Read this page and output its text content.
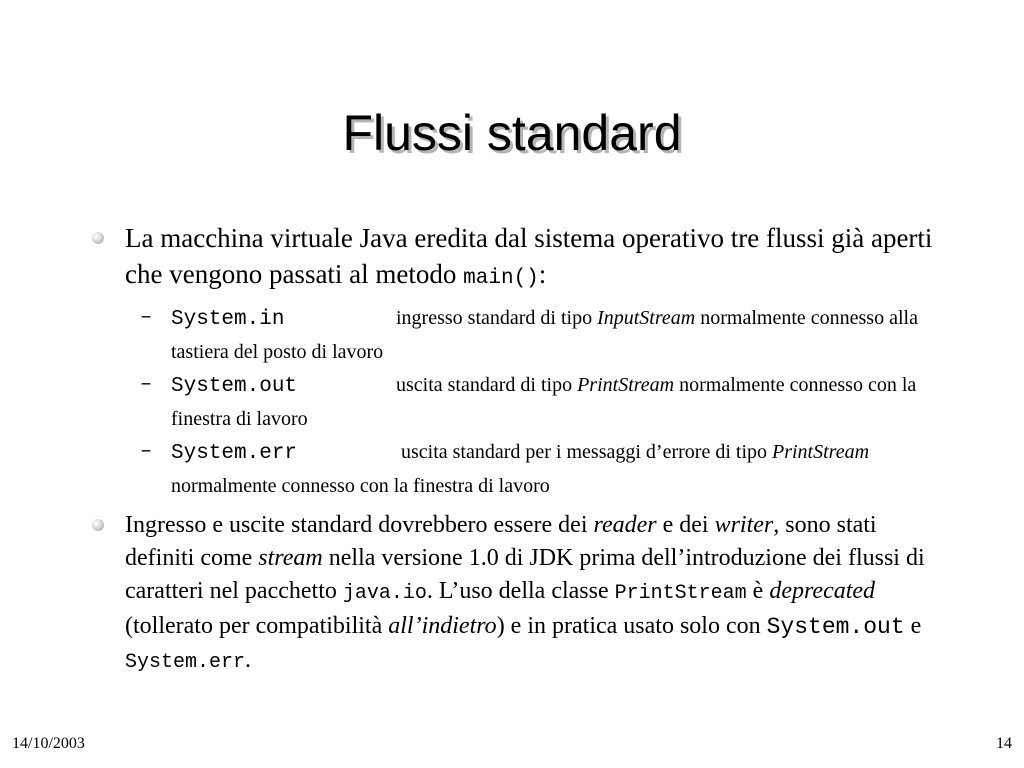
Flussi standard
La macchina virtuale Java eredita dal sistema operativo tre flussi già aperti che vengono passati al metodo main():
– System.in	ingresso standard di tipo InputStream normalmente connesso alla tastiera del posto di lavoro
– System.out	uscita standard di tipo PrintStream normalmente connesso con la finestra di lavoro
– System.err	uscita standard per i messaggi d’errore di tipo PrintStream normalmente connesso con la finestra di lavoro
Ingresso e uscite standard dovrebbero essere dei reader e dei writer, sono stati definiti come stream nella versione 1.0 di JDK prima dell’introduzione dei flussi di caratteri nel pacchetto java.io. L’uso della classe PrintStream è deprecated (tollerato per compatibilità all’indietro) e in pratica usato solo con System.out e System.err.
14/10/2003	14
